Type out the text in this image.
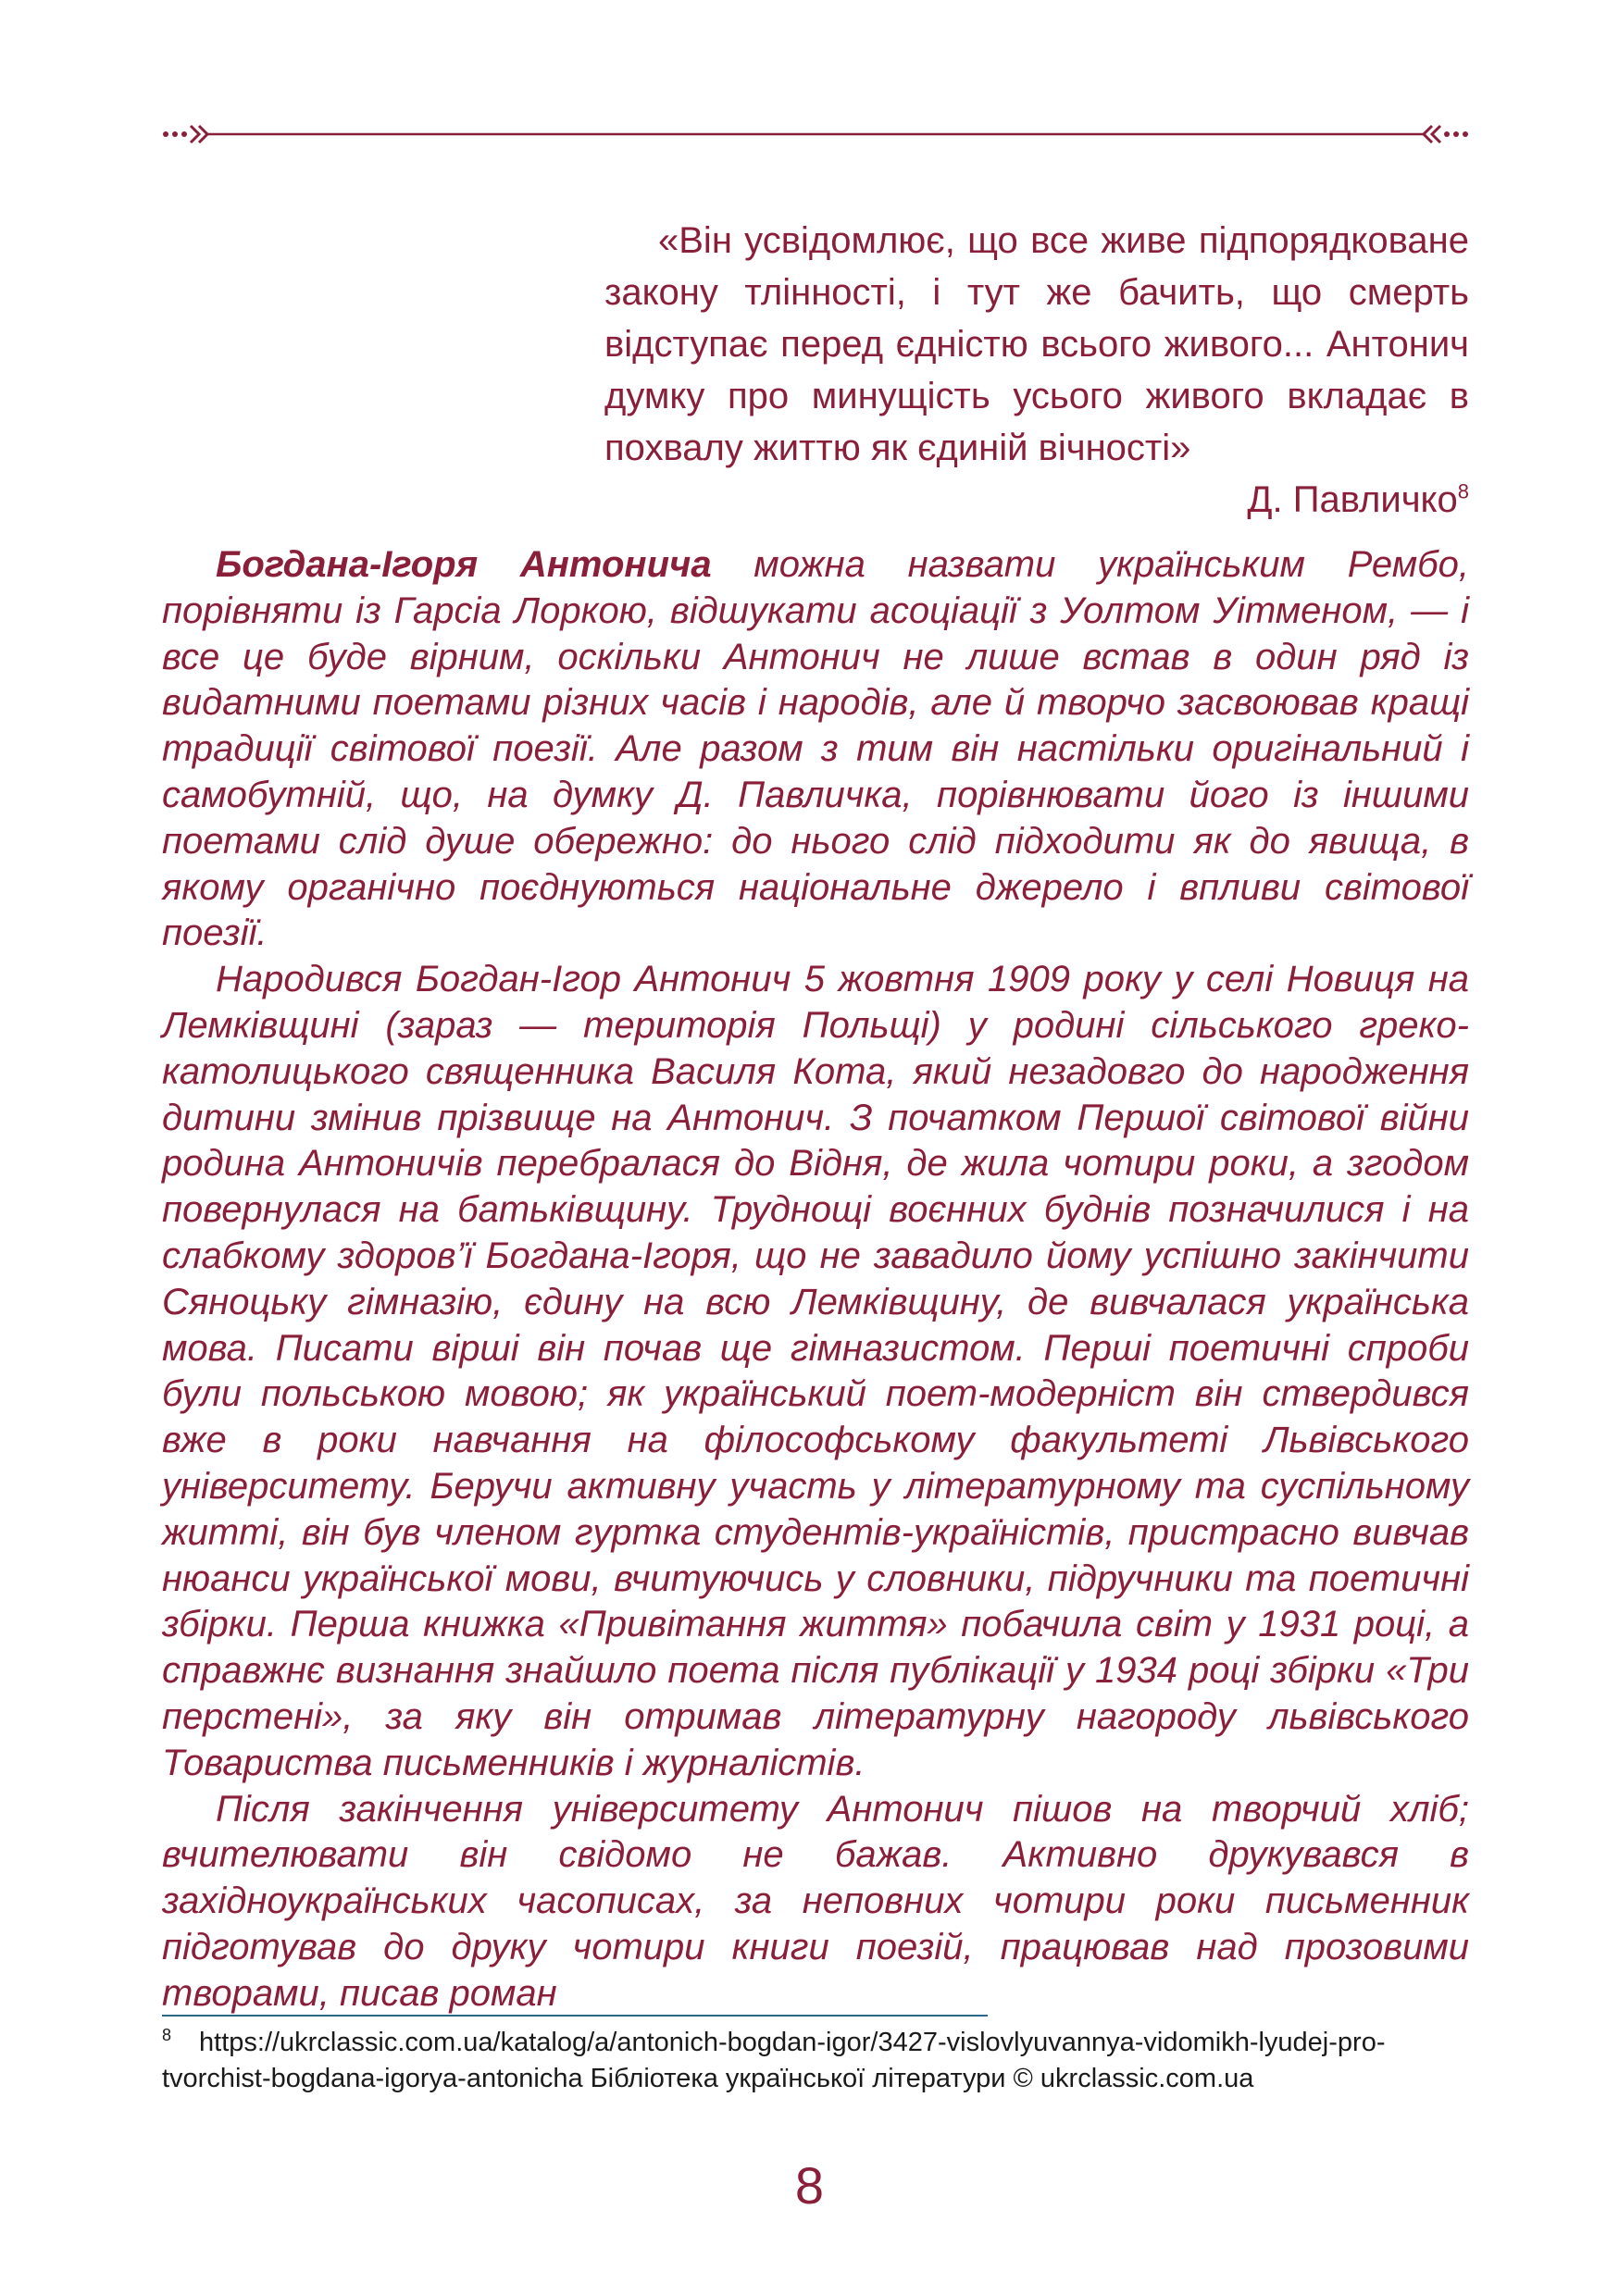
«Він усвідомлює, що все живе підпорядковане закону тлінності, і тут же бачить, що смерть відступає перед єдністю всього живого... Антонич думку про минущість усього живого вкладає в похвалу життю як єдиній вічності»

Д. Павличко$^8$

Богдана-Ігоря Антонича можна назвати українським Рембо, порівняти із Гарсіа Лоркою, відшукати асоціації з Уолтом Уітменом, — і все це буде вірним, оскільки Антонич не лише встав в один ряд із видатними поетами різних часів і народів, але й творчо засвоював кращі традиції світової поезії. Але разом з тим він настільки оригінальний і самобутній, що, на думку Д. Павличка, порівнювати його із іншими поетами слід душе обережно: до нього слід підходити як до явища, в якому органічно поєднуються національне джерело і впливи світової поезії.

Народився Богдан-Ігор Антонич 5 жовтня 1909 року у селі Новиця на Лемківщині (зараз — територія Польщі) у родині сільського греко-католицького священника Василя Кота, який незадовго до народження дитини змінив прізвище на Антонич. З початком Першої світової війни родина Антоничів перебралася до Відня, де жила чотири роки, а згодом повернулася на батьківщину. Труднощі воєнних буднів позначилися і на слабкому здоров’ї Богдана-Ігоря, що не завадило йому успішно закінчити Сяноцьку гімназію, єдину на всю Лемківщину, де вивчалася українська мова. Писати вірші він почав ще гімназистом. Перші поетичні спроби були польською мовою; як український поет-модерніст він ствердився вже в роки навчання на філософському факультеті Львівського університету. Беручи активну участь у літературному та суспільному житті, він був членом гуртка студентів-україністів, пристрасно вивчав нюанси української мови, вчитуючись у словники, підручники та поетичні збірки. Перша книжка «Привітання життя» побачила світ у 1931 році, а справжнє визнання знайшло поета після публікації у 1934 році збірки «Три перстені», за яку він отримав літературну нагороду львівського Товариства письменників і журналістів.

Після закінчення університету Антонич пішов на творчий хліб; вчителювати він свідомо не бажав. Активно друкувався в західноукраїнських часописах, за неповних чотири роки письменник підготував до друку чотири книги поезій, працював над прозовими творами, писав роман

$^8$ https://ukrclassic.com.ua/katalog/a/antonich-bogdan-igor/3427-vislovlyuvannya-vidomikh-lyudej-pro-tvorchist-bogdana-igorya-antonicha Бібліотека української літератури © ukrclassic.com.ua

8
